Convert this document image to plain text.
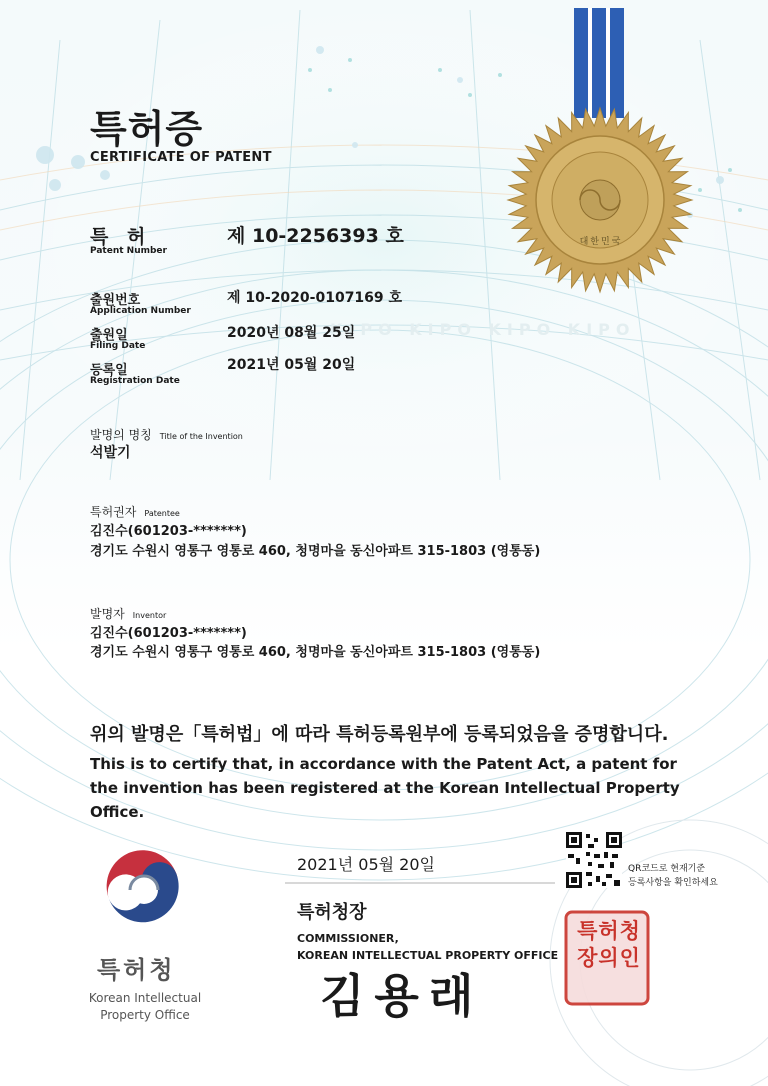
KIPO KIPO KIPO KIPO
대한민국
특허증
CERTIFICATE OF PATENT
특 허
Patent Number
제 10-2256393 호
출원번호
Application Number
제 10-2020-0107169 호
출원일
Filing Date
2020년 08월 25일
등록일
Registration Date
2021년 05월 20일
발명의 명칭 Title of the Invention
석발기
특허권자 Patentee
김진수(601203-*******)
경기도 수원시 영통구 영통로 460, 청명마을 동신아파트 315-1803 (영통동)
발명자 Inventor
김진수(601203-*******)
경기도 수원시 영통구 영통로 460, 청명마을 동신아파트 315-1803 (영통동)
위의 발명은「특허법」에 따라 특허등록원부에 등록되었음을 증명합니다.
This is to certify that, in accordance with the Patent Act, a patent for the invention has been registered at the Korean Intellectual Property Office.
2021년 05월 20일	QR코드로 현재기준
등록사항을 확인하세요
특허청장
COMMISSIONER,
KOREAN INTELLECTUAL PROPERTY OFFICE
김용래
특허청장의인
특허청
Korean Intellectual Property Office
